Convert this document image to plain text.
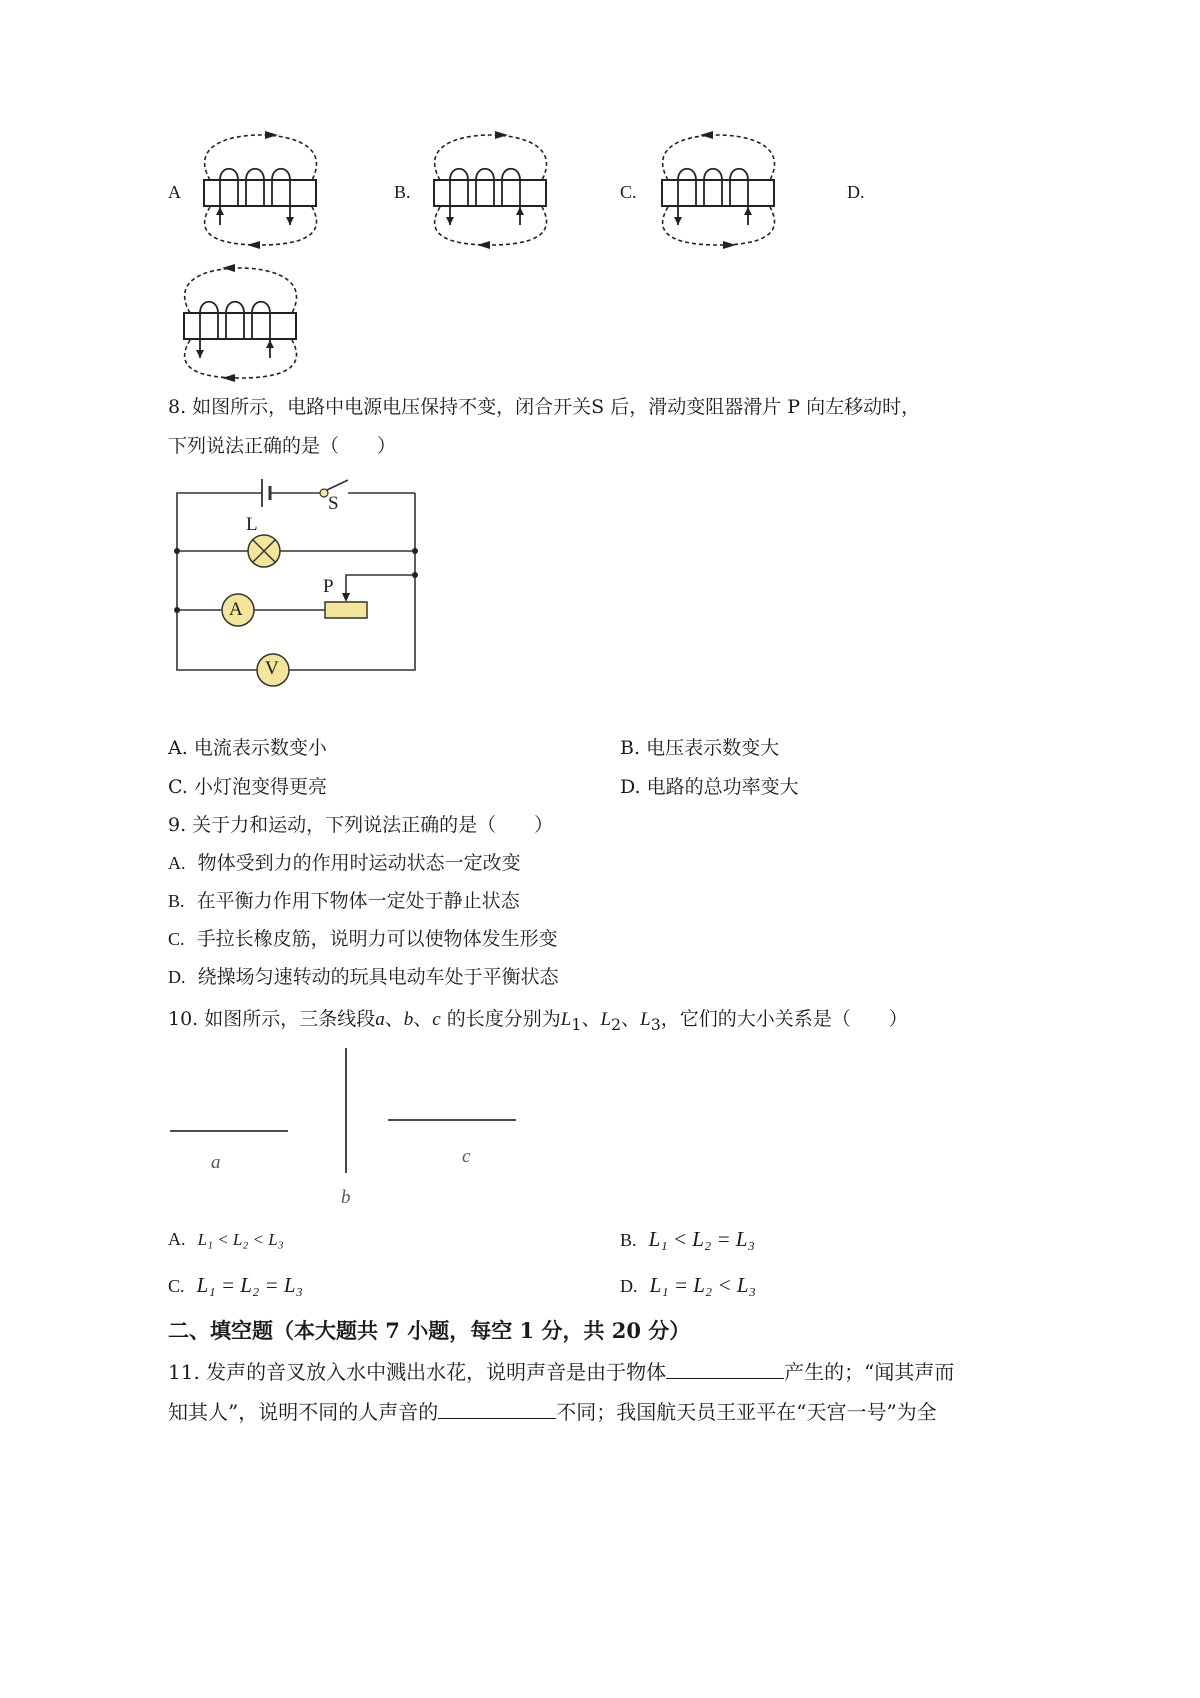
A	B.	C.	D.
8. 如图所示，电路中电源电压保持不变，闭合开关S 后，滑动变阻器滑片 P 向左移动时，
下列说法正确的是（　　）
S
L
P
A
V
A. 电流表示数变小	B. 电压表示数变大
C. 小灯泡变得更亮	D. 电路的总功率变大
9. 关于力和运动，下列说法正确的是（　　）
A. 物体受到力的作用时运动状态一定改变
B. 在平衡力作用下物体一定处于静止状态
C. 手拉长橡皮筋，说明力可以使物体发生形变
D. 绕操场匀速转动的玩具电动车处于平衡状态
10. 如图所示，三条线段a、b、c 的长度分别为$L_1$、$L_2$、$L_3$，它们的大小关系是（　　）
a
b
c
A. L₁ < L₂ < L₃	B. L₁ < L₂ = L₃
C. L₁ = L₂ = L₃	D. L₁ = L₂ < L₃
二、填空题（本大题共 7 小题，每空 1 分，共 20 分）
11. 发声的音叉放入水中溅出水花，说明声音是由于物体	产生的；“闻其声而
知其人”，说明不同的人声音的	不同；我国航天员王亚平在“天宫一号”为全
